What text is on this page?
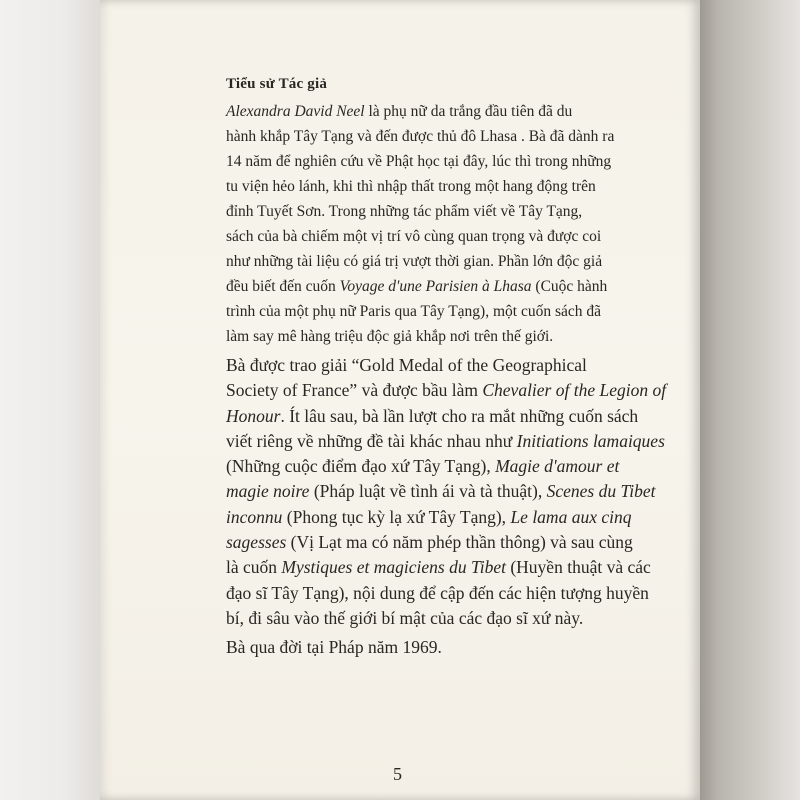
Tiểu sử Tác giả
Alexandra David Neel là phụ nữ da trắng đầu tiên đã du
hành khắp Tây Tạng và đến được thủ đô Lhasa . Bà đã dành ra
14 năm để nghiên cứu về Phật học tại đây, lúc thì trong những
tu viện hẻo lánh, khi thì nhập thất trong một hang động trên
đỉnh Tuyết Sơn. Trong những tác phẩm viết về Tây Tạng,
sách của bà chiếm một vị trí vô cùng quan trọng và được coi
như những tài liệu có giá trị vượt thời gian. Phần lớn độc giả
đều biết đến cuốn Voyage d'une Parisien à Lhasa (Cuộc hành
trình của một phụ nữ Paris qua Tây Tạng), một cuốn sách đã
làm say mê hàng triệu độc giả khắp nơi trên thế giới.
Bà được trao giải “Gold Medal of the Geographical
Society of France” và được bầu làm Chevalier of the Legion of
Honour. Ít lâu sau, bà lần lượt cho ra mắt những cuốn sách
viết riêng về những đề tài khác nhau như Initiations lamaiques
(Những cuộc điểm đạo xứ Tây Tạng), Magie d'amour et
magie noire (Pháp luật về tình ái và tà thuật), Scenes du Tibet
inconnu (Phong tục kỳ lạ xứ Tây Tạng), Le lama aux cinq
sagesses (Vị Lạt ma có năm phép thần thông) và sau cùng
là cuốn Mystiques et magiciens du Tibet (Huyền thuật và các
đạo sĩ Tây Tạng), nội dung để cập đến các hiện tượng huyền
bí, đi sâu vào thế giới bí mật của các đạo sĩ xứ này.
Bà qua đời tại Pháp năm 1969.
5
